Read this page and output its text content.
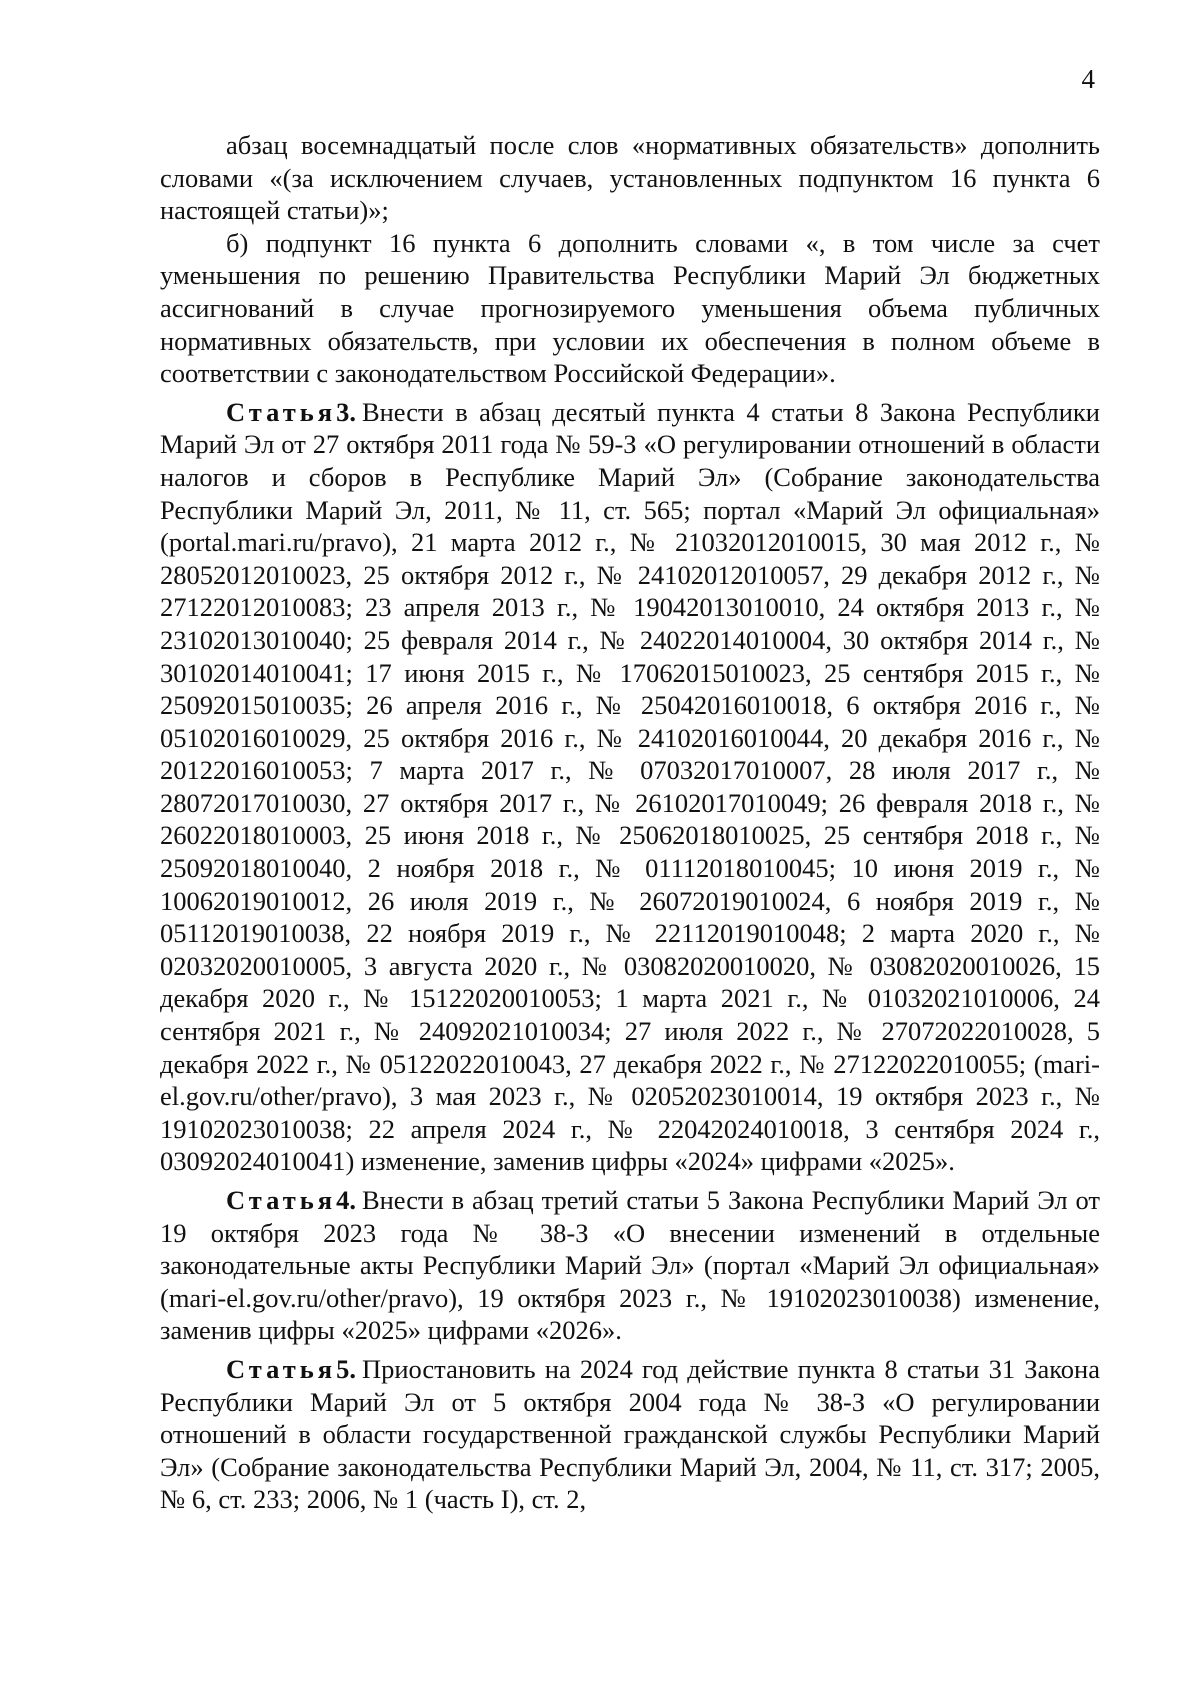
4

абзац восемнадцатый после слов «нормативных обязательств» дополнить словами «(за исключением случаев, установленных подпунктом 16 пункта 6 настоящей статьи)»;

б) подпункт 16 пункта 6 дополнить словами «, в том числе за счет уменьшения по решению Правительства Республики Марий Эл бюджетных ассигнований в случае прогнозируемого уменьшения объема публичных нормативных обязательств, при условии их обеспечения в полном объеме в соответствии с законодательством Российской Федерации».

Статья3. Внести в абзац десятый пункта 4 статьи 8 Закона Республики Марий Эл от 27 октября 2011 года № 59-З «О регулировании отношений в области налогов и сборов в Республике Марий Эл» (Собрание законодательства Республики Марий Эл, 2011, № 11, ст. 565; портал «Марий Эл официальная» (portal.mari.ru/pravo), 21 марта 2012 г., № 21032012010015, 30 мая 2012 г., № 28052012010023, 25 октября 2012 г., № 24102012010057, 29 декабря 2012 г., № 27122012010083; 23 апреля 2013 г., № 19042013010010, 24 октября 2013 г., № 23102013010040; 25 февраля 2014 г., № 24022014010004, 30 октября 2014 г., № 30102014010041; 17 июня 2015 г., № 17062015010023, 25 сентября 2015 г., № 25092015010035; 26 апреля 2016 г., № 25042016010018, 6 октября 2016 г., № 05102016010029, 25 октября 2016 г., № 24102016010044, 20 декабря 2016 г., № 20122016010053; 7 марта 2017 г., № 07032017010007, 28 июля 2017 г., № 28072017010030, 27 октября 2017 г., № 26102017010049; 26 февраля 2018 г., № 26022018010003, 25 июня 2018 г., № 25062018010025, 25 сентября 2018 г., № 25092018010040, 2 ноября 2018 г., № 01112018010045; 10 июня 2019 г., № 10062019010012, 26 июля 2019 г., № 26072019010024, 6 ноября 2019 г., № 05112019010038, 22 ноября 2019 г., № 22112019010048; 2 марта 2020 г., № 02032020010005, 3 августа 2020 г., № 03082020010020, № 03082020010026, 15 декабря 2020 г., № 15122020010053; 1 марта 2021 г., № 01032021010006, 24 сентября 2021 г., № 24092021010034; 27 июля 2022 г., № 27072022010028, 5 декабря 2022 г., № 05122022010043, 27 декабря 2022 г., № 27122022010055; (mari-el.gov.ru/other/pravo), 3 мая 2023 г., № 02052023010014, 19 октября 2023 г., № 19102023010038; 22 апреля 2024 г., № 22042024010018, 3 сентября 2024 г., 03092024010041) изменение, заменив цифры «2024» цифрами «2025».

Статья4. Внести в абзац третий статьи 5 Закона Республики Марий Эл от 19 октября 2023 года № 38-З «О внесении изменений в отдельные законодательные акты Республики Марий Эл» (портал «Марий Эл официальная» (mari-el.gov.ru/other/pravo), 19 октября 2023 г., № 19102023010038) изменение, заменив цифры «2025» цифрами «2026».

Статья5. Приостановить на 2024 год действие пункта 8 статьи 31 Закона Республики Марий Эл от 5 октября 2004 года № 38-З «О регулировании отношений в области государственной гражданской службы Республики Марий Эл» (Собрание законодательства Республики Марий Эл, 2004, № 11, ст. 317; 2005, № 6, ст. 233; 2006, № 1 (часть I), ст. 2,
